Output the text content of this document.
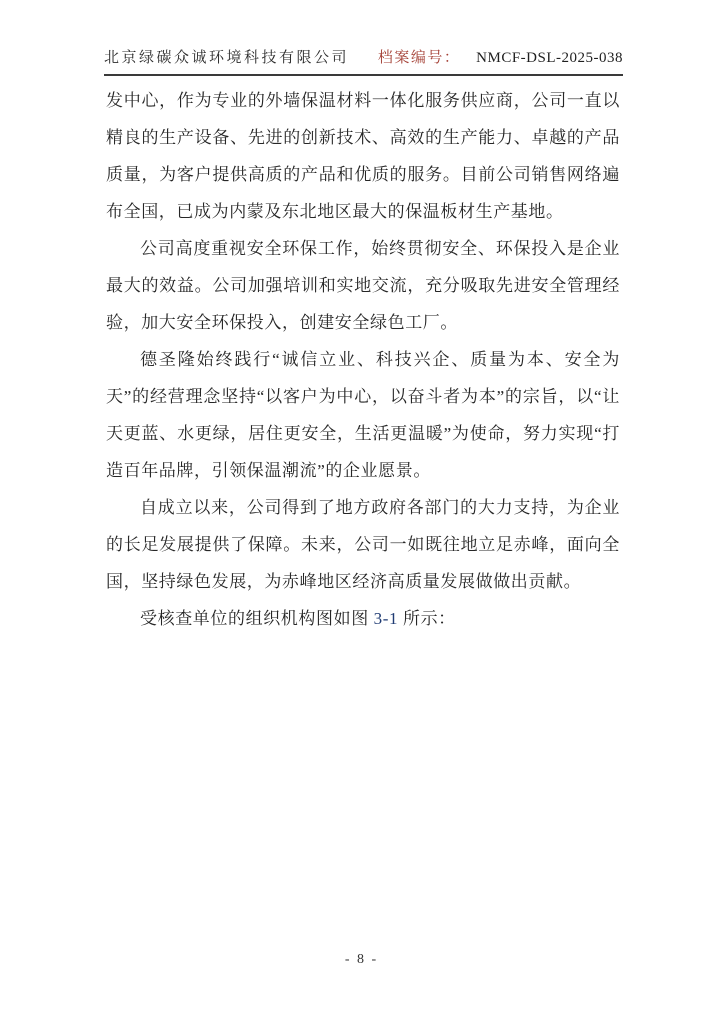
北京绿碳众诚环境科技有限公司 档案编号： NMCF-DSL-2025-038

发中心，作为专业的外墙保温材料一体化服务供应商，公司一直以精良的生产设备、先进的创新技术、高效的生产能力、卓越的产品质量，为客户提供高质的产品和优质的服务。目前公司销售网络遍布全国，已成为内蒙及东北地区最大的保温板材生产基地。

公司高度重视安全环保工作，始终贯彻安全、环保投入是企业最大的效益。公司加强培训和实地交流，充分吸取先进安全管理经验，加大安全环保投入，创建安全绿色工厂。

德圣隆始终践行“诚信立业、科技兴企、质量为本、安全为天”的经营理念坚持“以客户为中心，以奋斗者为本”的宗旨，以“让天更蓝、水更绿，居住更安全，生活更温暖”为使命，努力实现“打造百年品牌，引领保温潮流”的企业愿景。

自成立以来，公司得到了地方政府各部门的大力支持，为企业的长足发展提供了保障。未来，公司一如既往地立足赤峰，面向全国，坚持绿色发展，为赤峰地区经济高质量发展做做出贡献。

受核查单位的组织机构图如图 3-1 所示：

- 8 -
